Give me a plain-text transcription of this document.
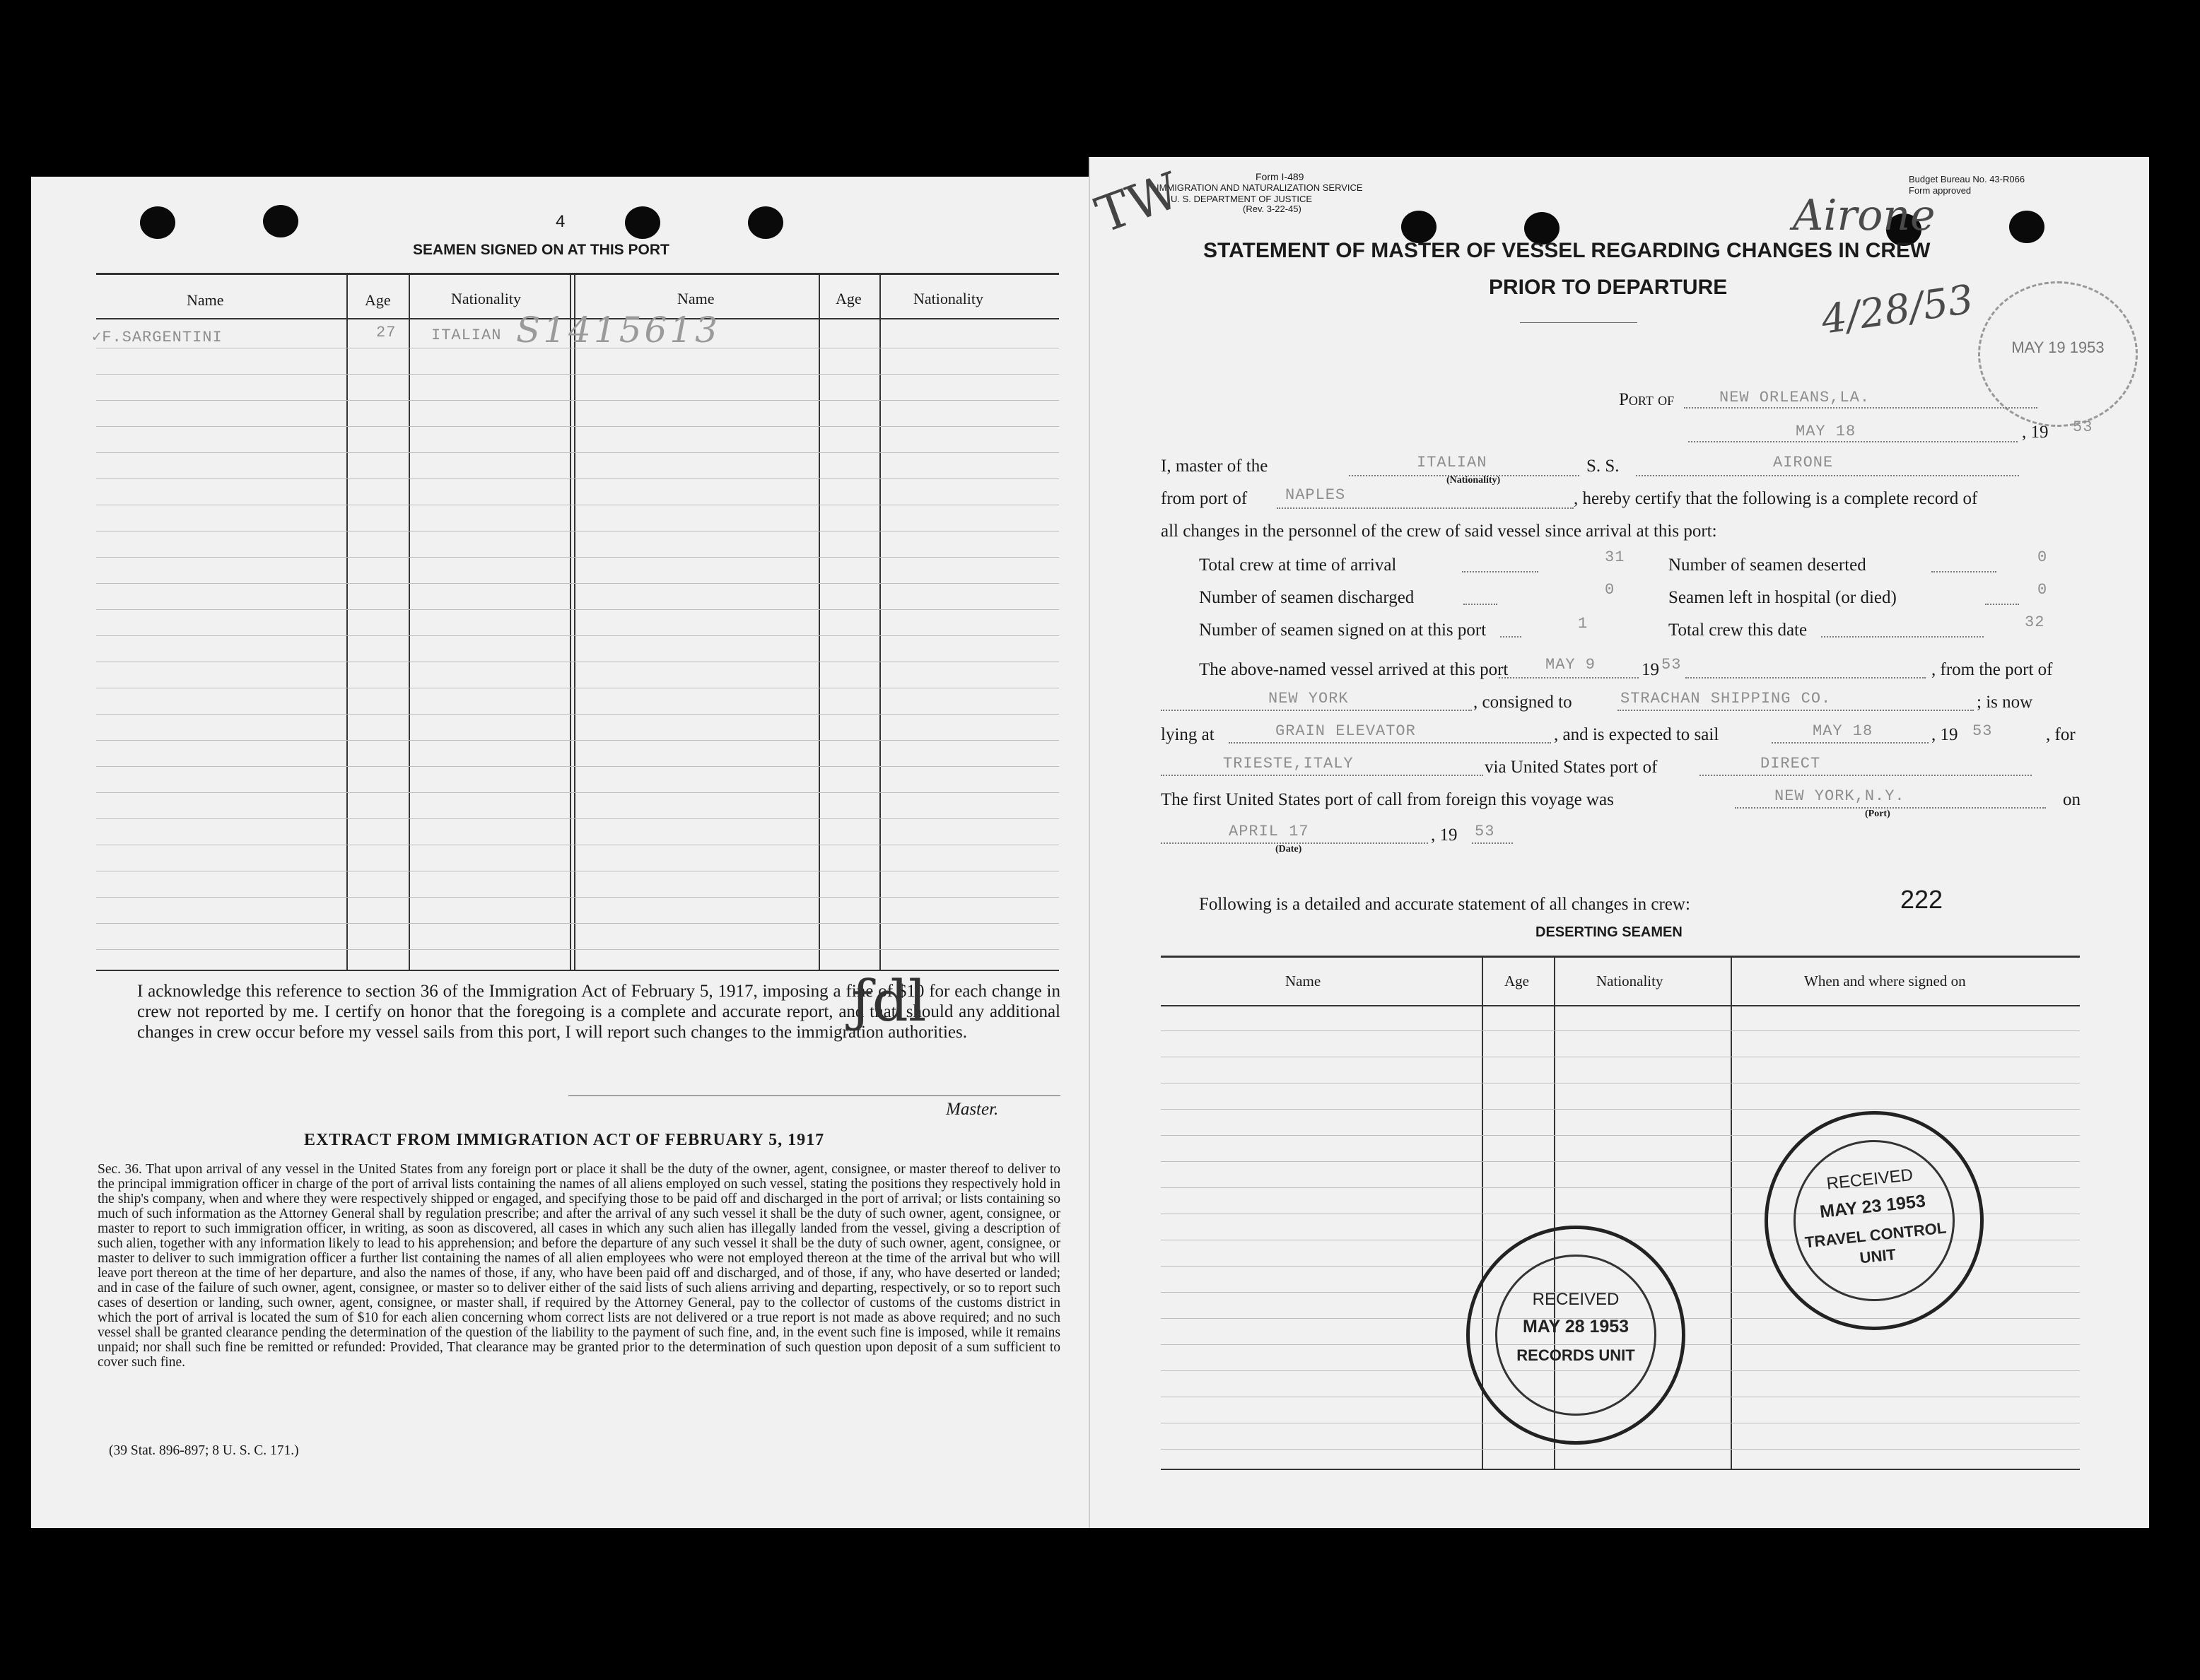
4
SEAMEN SIGNED ON AT THIS PORT
Name	Age	Nationality	Name	Age	Nationality
✓F.SARGENTINI	27 ITALIAN S1415613
I acknowledge this reference to section 36 of the Immigration Act of February 5, 1917, imposing a fine of $10 for each change in crew not reported by me. I certify on honor that the foregoing is a complete and accurate report, and that, should any additional changes in crew occur before my vessel sails from this port, I will report such changes to the immigration authorities.
ƒdl
Master.
EXTRACT FROM IMMIGRATION ACT OF FEBRUARY 5, 1917
Sec. 36. That upon arrival of any vessel in the United States from any foreign port or place it shall be the duty of the owner, agent, consignee, or master thereof to deliver to the principal immigration officer in charge of the port of arrival lists containing the names of all aliens employed on such vessel, stating the positions they respectively hold in the ship's company, when and where they were respectively shipped or engaged, and specifying those to be paid off and discharged in the port of arrival; or lists containing so much of such information as the Attorney General shall by regulation prescribe; and after the arrival of any such vessel it shall be the duty of such owner, agent, consignee, or master to report to such immigration officer, in writing, as soon as discovered, all cases in which any such alien has illegally landed from the vessel, giving a description of such alien, together with any information likely to lead to his apprehension; and before the departure of any such vessel it shall be the duty of such owner, agent, consignee, or master to deliver to such immigration officer a further list containing the names of all alien employees who were not employed thereon at the time of the arrival but who will leave port thereon at the time of her departure, and also the names of those, if any, who have been paid off and discharged, and of those, if any, who have deserted or landed; and in case of the failure of such owner, agent, consignee, or master so to deliver either of the said lists of such aliens arriving and departing, respectively, or so to report such cases of desertion or landing, such owner, agent, consignee, or master shall, if required by the Attorney General, pay to the collector of customs of the customs district in which the port of arrival is located the sum of $10 for each alien concerning whom correct lists are not delivered or a true report is not made as above required; and no such vessel shall be granted clearance pending the determination of the question of the liability to the payment of such fine, and, in the event such fine is imposed, while it remains unpaid; nor shall such fine be remitted or refunded: Provided, That clearance may be granted prior to the determination of such question upon deposit of a sum sufficient to cover such fine.
(39 Stat. 896-897; 8 U. S. C. 171.)
Form I-489
IMMIGRATION AND NATURALIZATION SERVICE
U. S. DEPARTMENT OF JUSTICE
(Rev. 3-22-45)
Budget Bureau No. 43-R066
Form approved
TW	Airone
4/28/53
MAY 19 1953
STATEMENT OF MASTER OF VESSEL REGARDING CHANGES IN CREW
PRIOR TO DEPARTURE
Port of	NEW ORLEANS,LA.
MAY 18	, 19 53
I, master of the	ITALIAN
(Nationality)
S. S.	AIRONE
from port of NAPLES	, hereby certify that the following is a complete record of
all changes in the personnel of the crew of said vessel since arrival at this port:
Total crew at time of arrival	31 Number of seamen deserted	0
Number of seamen discharged	0	Seamen left in hospital (or died)	0
Number of seamen signed on at this port	1	Total crew this date	32
The above-named vessel arrived at this port MAY 9	19 53	, from the port of
NEW YORK	, consigned to	STRACHAN SHIPPING CO.	; is now
lying at	GRAIN ELEVATOR	, and is expected to sail	MAY 18	, 19 53	, for
TRIESTE,ITALY	via United States port of	DIRECT
The first United States port of call from foreign this voyage was	NEW YORK,N.Y.
(Port)
on
APRIL 17
(Date)
, 19 53
Following is a detailed and accurate statement of all changes in crew:	222
DESERTING SEAMEN
Name	Age	Nationality	When and where signed on
RECEIVED
MAY 28 1953
RECORDS UNIT
RECEIVED
MAY 23 1953
TRAVEL CONTROL
UNIT
